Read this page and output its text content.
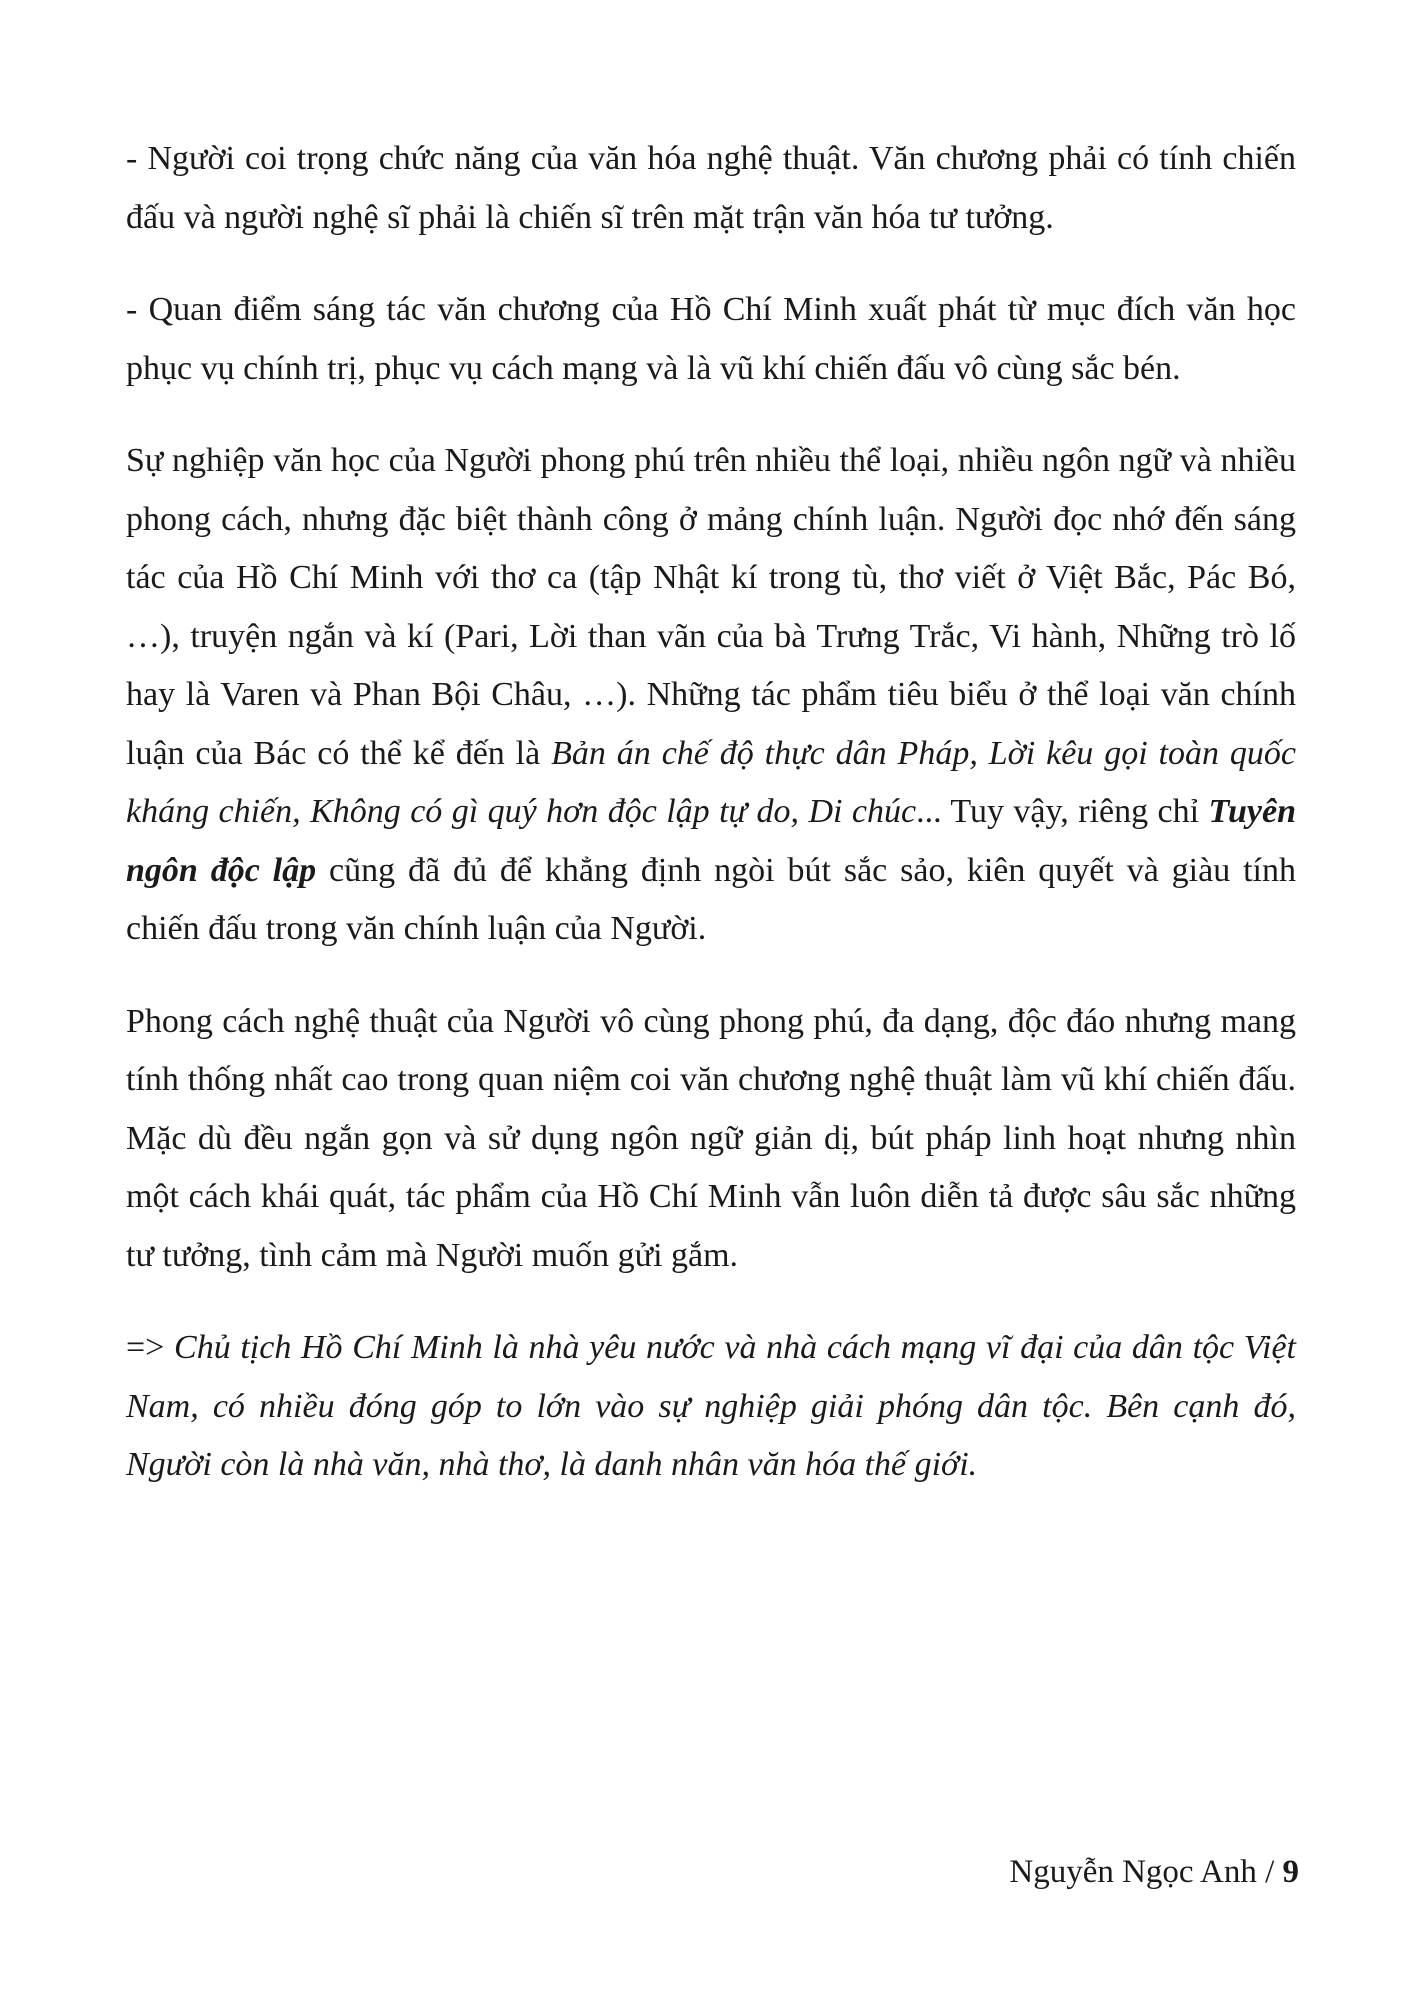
- Người coi trọng chức năng của văn hóa nghệ thuật. Văn chương phải có tính chiến đấu và người nghệ sĩ phải là chiến sĩ trên mặt trận văn hóa tư tưởng.

- Quan điểm sáng tác văn chương của Hồ Chí Minh xuất phát từ mục đích văn học phục vụ chính trị, phục vụ cách mạng và là vũ khí chiến đấu vô cùng sắc bén.

Sự nghiệp văn học của Người phong phú trên nhiều thể loại, nhiều ngôn ngữ và nhiều phong cách, nhưng đặc biệt thành công ở mảng chính luận. Người đọc nhớ đến sáng tác của Hồ Chí Minh với thơ ca (tập Nhật kí trong tù, thơ viết ở Việt Bắc, Pác Bó, …), truyện ngắn và kí (Pari, Lời than vãn của bà Trưng Trắc, Vi hành, Những trò lố hay là Varen và Phan Bội Châu, …). Những tác phẩm tiêu biểu ở thể loại văn chính luận của Bác có thể kể đến là Bản án chế độ thực dân Pháp, Lời kêu gọi toàn quốc kháng chiến, Không có gì quý hơn độc lập tự do, Di chúc... Tuy vậy, riêng chỉ Tuyên ngôn độc lập cũng đã đủ để khẳng định ngòi bút sắc sảo, kiên quyết và giàu tính chiến đấu trong văn chính luận của Người.

Phong cách nghệ thuật của Người vô cùng phong phú, đa dạng, độc đáo nhưng mang tính thống nhất cao trong quan niệm coi văn chương nghệ thuật làm vũ khí chiến đấu. Mặc dù đều ngắn gọn và sử dụng ngôn ngữ giản dị, bút pháp linh hoạt nhưng nhìn một cách khái quát, tác phẩm của Hồ Chí Minh vẫn luôn diễn tả được sâu sắc những tư tưởng, tình cảm mà Người muốn gửi gắm.

=> Chủ tịch Hồ Chí Minh là nhà yêu nước và nhà cách mạng vĩ đại của dân tộc Việt Nam, có nhiều đóng góp to lớn vào sự nghiệp giải phóng dân tộc. Bên cạnh đó, Người còn là nhà văn, nhà thơ, là danh nhân văn hóa thế giới.

Nguyễn Ngọc Anh / 9
